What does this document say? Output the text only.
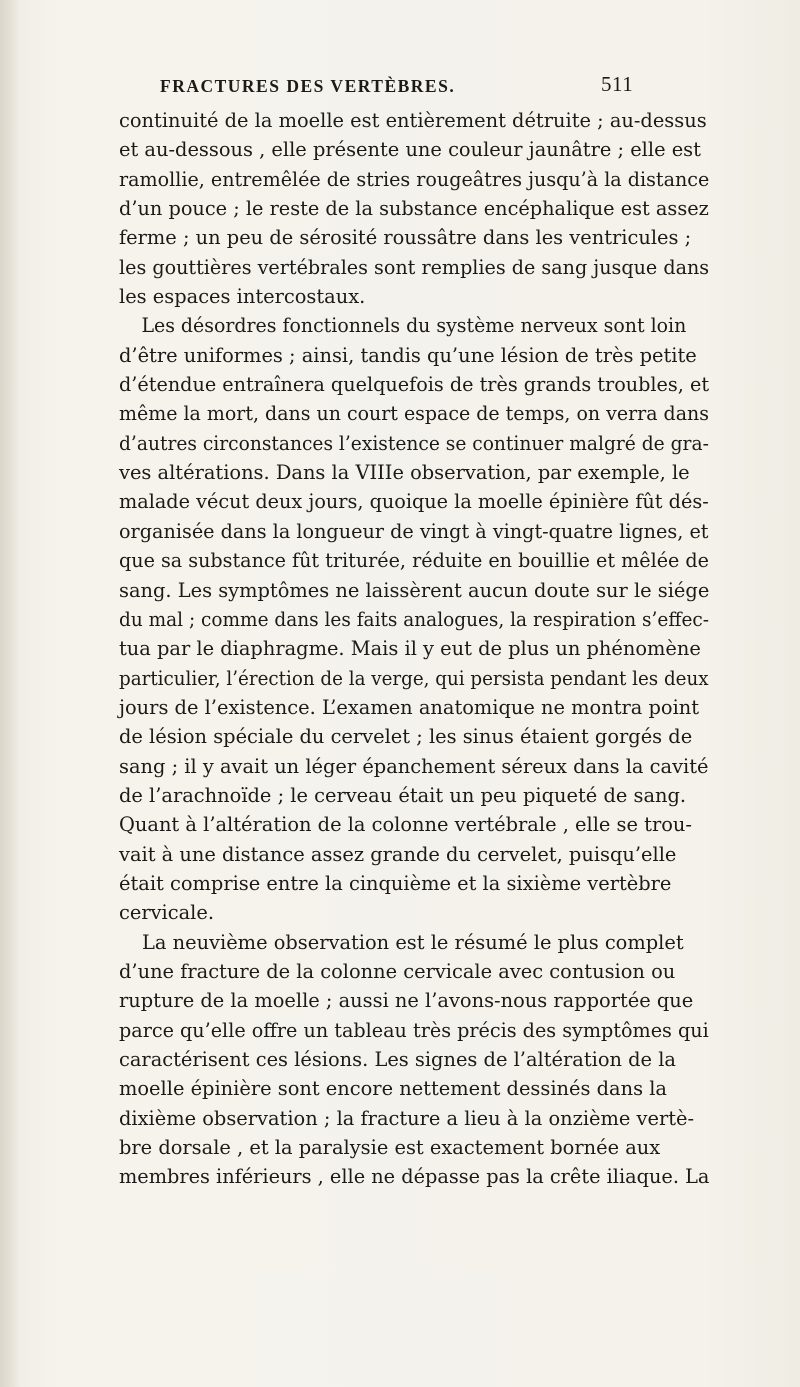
FRACTURES DES VERTÈBRES.	511
continuité de la moelle est entièrement détruite ; au-dessus
et au-dessous , elle présente une couleur jaunâtre ; elle est
ramollie, entremêlée de stries rougeâtres jusqu’à la distance
d’un pouce ; le reste de la substance encéphalique est assez
ferme ; un peu de sérosité roussâtre dans les ventricules ;
les gouttières vertébrales sont remplies de sang jusque dans
les espaces intercostaux.
Les désordres fonctionnels du système nerveux sont loin
d’être uniformes ; ainsi, tandis qu’une lésion de très petite
d’étendue entraînera quelquefois de très grands troubles, et
même la mort, dans un court espace de temps, on verra dans
d’autres circonstances l’existence se continuer malgré de gra-
ves altérations. Dans la VIIIe observation, par exemple, le
malade vécut deux jours, quoique la moelle épinière fût dés-
organisée dans la longueur de vingt à vingt-quatre lignes, et
que sa substance fût triturée, réduite en bouillie et mêlée de
sang. Les symptômes ne laissèrent aucun doute sur le siége
du mal ; comme dans les faits analogues, la respiration s’effec-
tua par le diaphragme. Mais il y eut de plus un phénomène
particulier, l’érection de la verge, qui persista pendant les deux
jours de l’existence. L’examen anatomique ne montra point
de lésion spéciale du cervelet ; les sinus étaient gorgés de
sang ; il y avait un léger épanchement séreux dans la cavité
de l’arachnoïde ; le cerveau était un peu piqueté de sang.
Quant à l’altération de la colonne vertébrale , elle se trou-
vait à une distance assez grande du cervelet, puisqu’elle
était comprise entre la cinquième et la sixième vertèbre
cervicale.
La neuvième observation est le résumé le plus complet
d’une fracture de la colonne cervicale avec contusion ou
rupture de la moelle ; aussi ne l’avons-nous rapportée que
parce qu’elle offre un tableau très précis des symptômes qui
caractérisent ces lésions. Les signes de l’altération de la
moelle épinière sont encore nettement dessinés dans la
dixième observation ; la fracture a lieu à la onzième vertè-
bre dorsale , et la paralysie est exactement bornée aux
membres inférieurs , elle ne dépasse pas la crête iliaque. La
